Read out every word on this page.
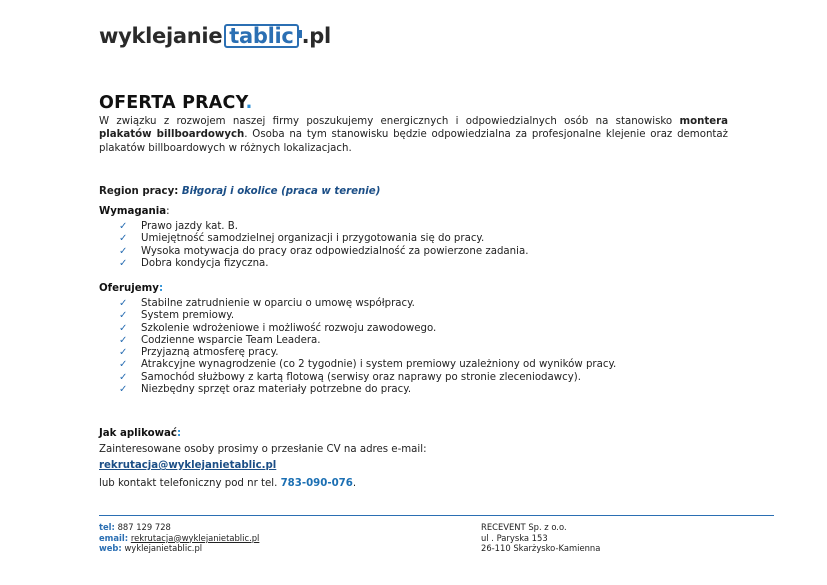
wyklejanie tablic .pl
OFERTA PRACY.
W związku z rozwojem naszej firmy poszukujemy energicznych i odpowiedzialnych osób na stanowisko montera plakatów billboardowych. Osoba na tym stanowisku będzie odpowiedzialna za profesjonalne klejenie oraz demontaż plakatów billboardowych w różnych lokalizacjach.
Region pracy: Biłgoraj i okolice (praca w terenie)
Wymagania:
✓ Prawo jazdy kat. B.
✓ Umiejętność samodzielnej organizacji i przygotowania się do pracy.
✓ Wysoka motywacja do pracy oraz odpowiedzialność za powierzone zadania.
✓ Dobra kondycja fizyczna.
Oferujemy:
✓ Stabilne zatrudnienie w oparciu o umowę współpracy.
✓ System premiowy.
✓ Szkolenie wdrożeniowe i możliwość rozwoju zawodowego.
✓ Codzienne wsparcie Team Leadera.
✓ Przyjazną atmosferę pracy.
✓ Atrakcyjne wynagrodzenie (co 2 tygodnie) i system premiowy uzależniony od wyników pracy.
✓ Samochód służbowy z kartą flotową (serwisy oraz naprawy po stronie zleceniodawcy).
✓ Niezbędny sprzęt oraz materiały potrzebne do pracy.
Jak aplikować:
Zainteresowane osoby prosimy o przesłanie CV na adres e-mail:
rekrutacja@wyklejanietablic.pl
lub kontakt telefoniczny pod nr tel. 783-090-076.
tel: 887 129 728
email: rekrutacja@wyklejanietablic.pl
web: wyklejanietablic.pl
RECEVENT Sp. z o.o.
ul . Paryska 153
26-110 Skarżysko-Kamienna
